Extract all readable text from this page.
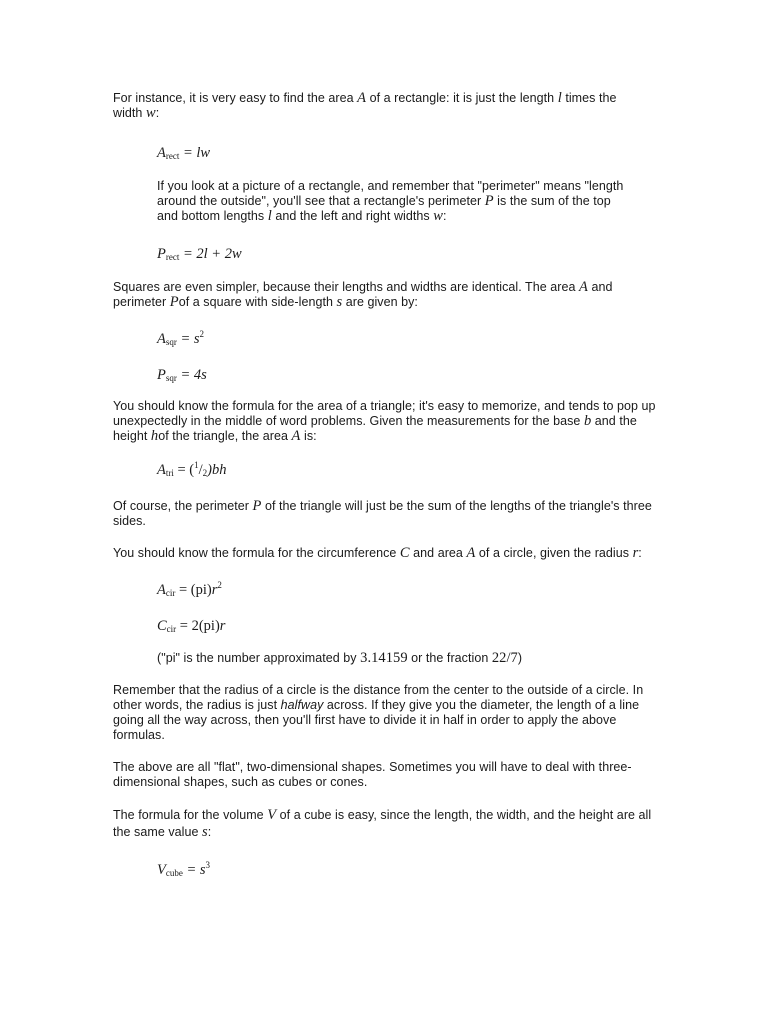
For instance, it is very easy to find the area A of a rectangle: it is just the length l times the width w:

$A_{rect}$ = lw

If you look at a picture of a rectangle, and remember that "perimeter" means "length around the outside", you'll see that a rectangle's perimeter P is the sum of the top and bottom lengths l and the left and right widths w:

$P_{rect} = 2l + 2w$

Squares are even simpler, because their lengths and widths are identical. The area A and perimeter Pof a square with side-length s are given by:

$A_{sqr} = s^2$

$P_{sqr} = 4s$

You should know the formula for the area of a triangle; it's easy to memorize, and tends to pop up unexpectedly in the middle of word problems. Given the measurements for the base b and the height hof the triangle, the area A is:

$A_{tri} = (^1/_2)bh$

Of course, the perimeter P of the triangle will just be the sum of the lengths of the triangle's three sides.

You should know the formula for the circumference C and area A of a circle, given the radius r:

$A_{cir} = (pi)r^2$

$C_{cir} = 2(pi)r$

("pi" is the number approximated by 3.14159 or the fraction 22/7)

Remember that the radius of a circle is the distance from the center to the outside of a circle. In other words, the radius is just halfway across. If they give you the diameter, the length of a line going all the way across, then you'll first have to divide it in half in order to apply the above formulas.

The above are all "flat", two-dimensional shapes. Sometimes you will have to deal with three-dimensional shapes, such as cubes or cones.

The formula for the volume V of a cube is easy, since the length, the width, and the height are all the same value s:

$V_{cube} = s^3$
